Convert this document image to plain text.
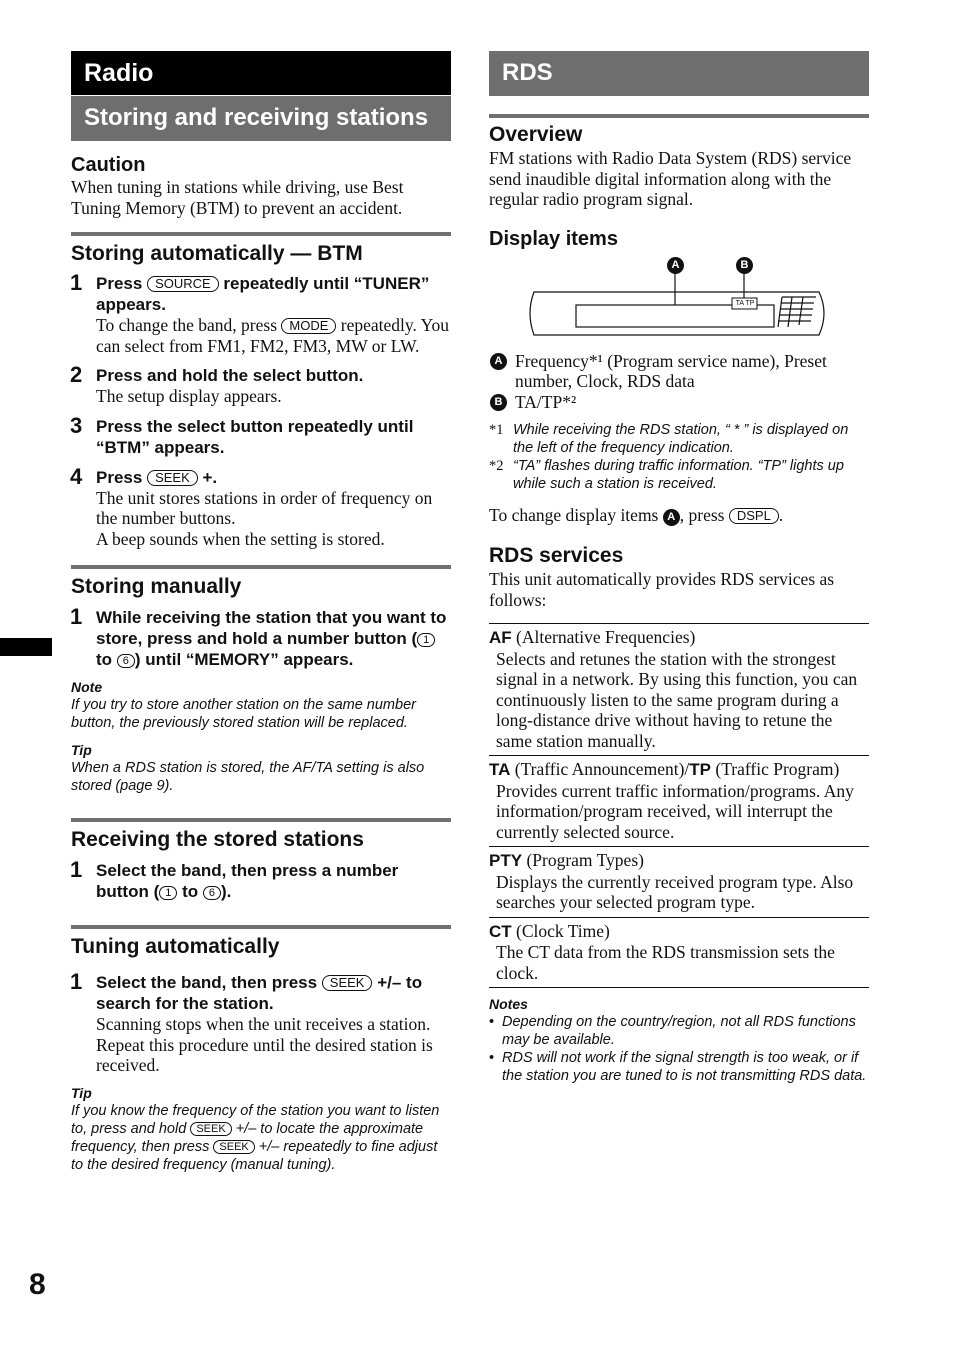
8
Radio
Storing and receiving stations
Caution
When tuning in stations while driving, use Best Tuning Memory (BTM) to prevent an accident.
Storing automatically — BTM
1 Press SOURCE repeatedly until “TUNER” appears.
To change the band, press MODE repeatedly. You can select from FM1, FM2, FM3, MW or LW.
2 Press and hold the select button.
The setup display appears.
3 Press the select button repeatedly until “BTM” appears.
4 Press SEEK +.
The unit stores stations in order of frequency on the number buttons.
A beep sounds when the setting is stored.
Storing manually
1 While receiving the station that you want to store, press and hold a number button ( 1 to 6 ) until “MEMORY” appears.
Note
If you try to store another station on the same number button, the previously stored station will be replaced.
Tip
When a RDS station is stored, the AF/TA setting is also stored (page 9).
Receiving the stored stations
1 Select the band, then press a number button ( 1 to 6 ).
Tuning automatically
1 Select the band, then press SEEK +/– to search for the station.
Scanning stops when the unit receives a station. Repeat this procedure until the desired station is received.
Tip
If you know the frequency of the station you want to listen to, press and hold SEEK +/– to locate the approximate frequency, then press SEEK +/– repeatedly to fine adjust to the desired frequency (manual tuning).
RDS
Overview
FM stations with Radio Data System (RDS) service send inaudible digital information along with the regular radio program signal.
Display items
A	B
TA TP
A Frequency*¹ (Program service name), Preset number, Clock, RDS data
B TA/TP*²
*1 While receiving the RDS station, “ * ” is displayed on the left of the frequency indication.
*2 “TA” flashes during traffic information. “TP” lights up while such a station is received.
To change display items A , press DSPL .
RDS services
This unit automatically provides RDS services as follows:
AF (Alternative Frequencies)
Selects and retunes the station with the strongest signal in a network. By using this function, you can continuously listen to the same program during a long-distance drive without having to retune the same station manually.
TA (Traffic Announcement)/TP (Traffic Program)
Provides current traffic information/programs. Any information/program received, will interrupt the currently selected source.
PTY (Program Types)
Displays the currently received program type. Also searches your selected program type.
CT (Clock Time)
The CT data from the RDS transmission sets the clock.
Notes
• Depending on the country/region, not all RDS functions may be available.
• RDS will not work if the signal strength is too weak, or if the station you are tuned to is not transmitting RDS data.
